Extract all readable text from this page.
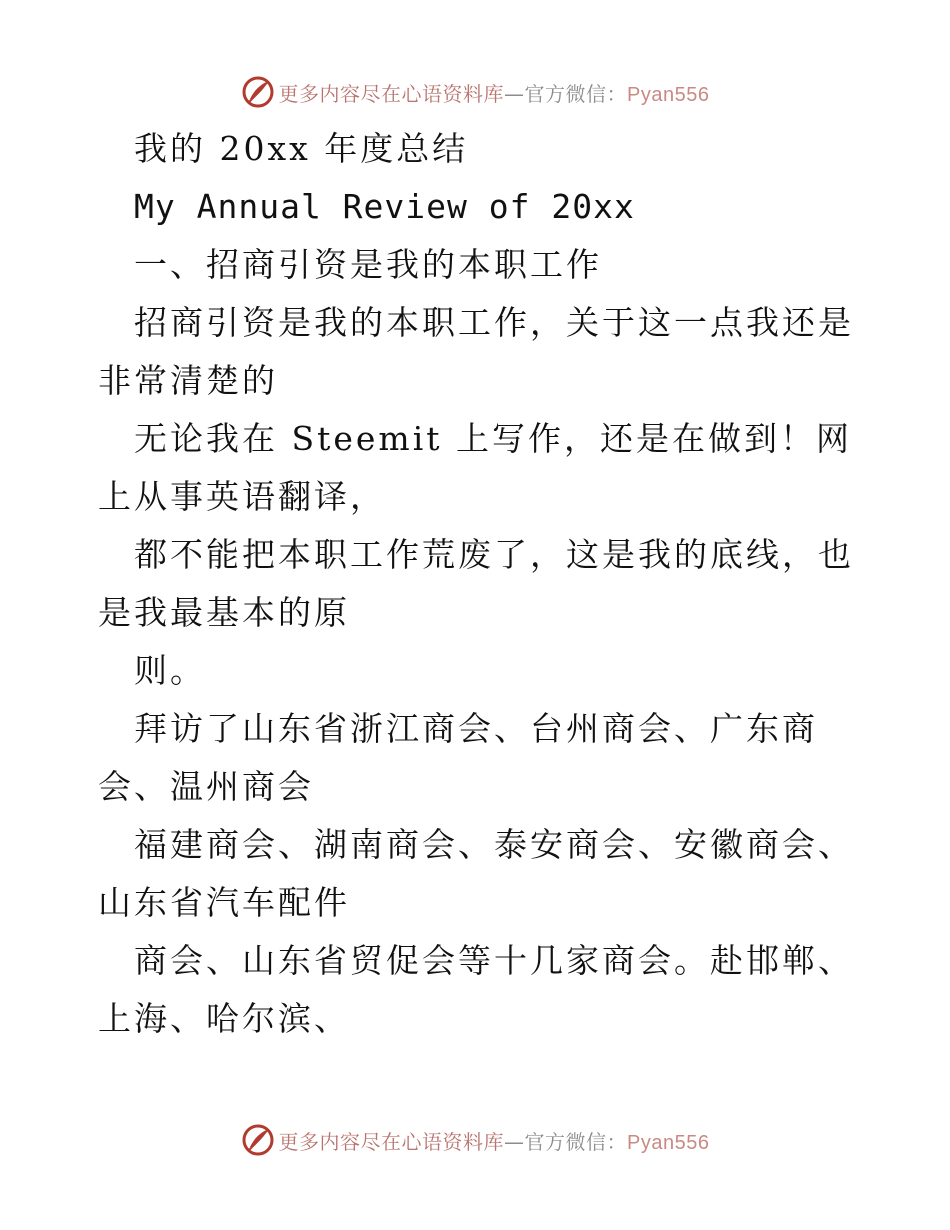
更多内容尽在心语资料库—官方微信：Pyan556

我的 20xx 年度总结

My Annual Review of 20xx

一、招商引资是我的本职工作

招商引资是我的本职工作，关于这一点我还是非常清楚的

无论我在 Steemit 上写作，还是在做到！网上从事英语翻译，

都不能把本职工作荒废了，这是我的底线，也是我最基本的原

则。

拜访了山东省浙江商会、台州商会、广东商会、温州商会

福建商会、湖南商会、泰安商会、安徽商会、山东省汽车配件

商会、山东省贸促会等十几家商会。赴邯郸、上海、哈尔滨、

更多内容尽在心语资料库—官方微信：Pyan556
